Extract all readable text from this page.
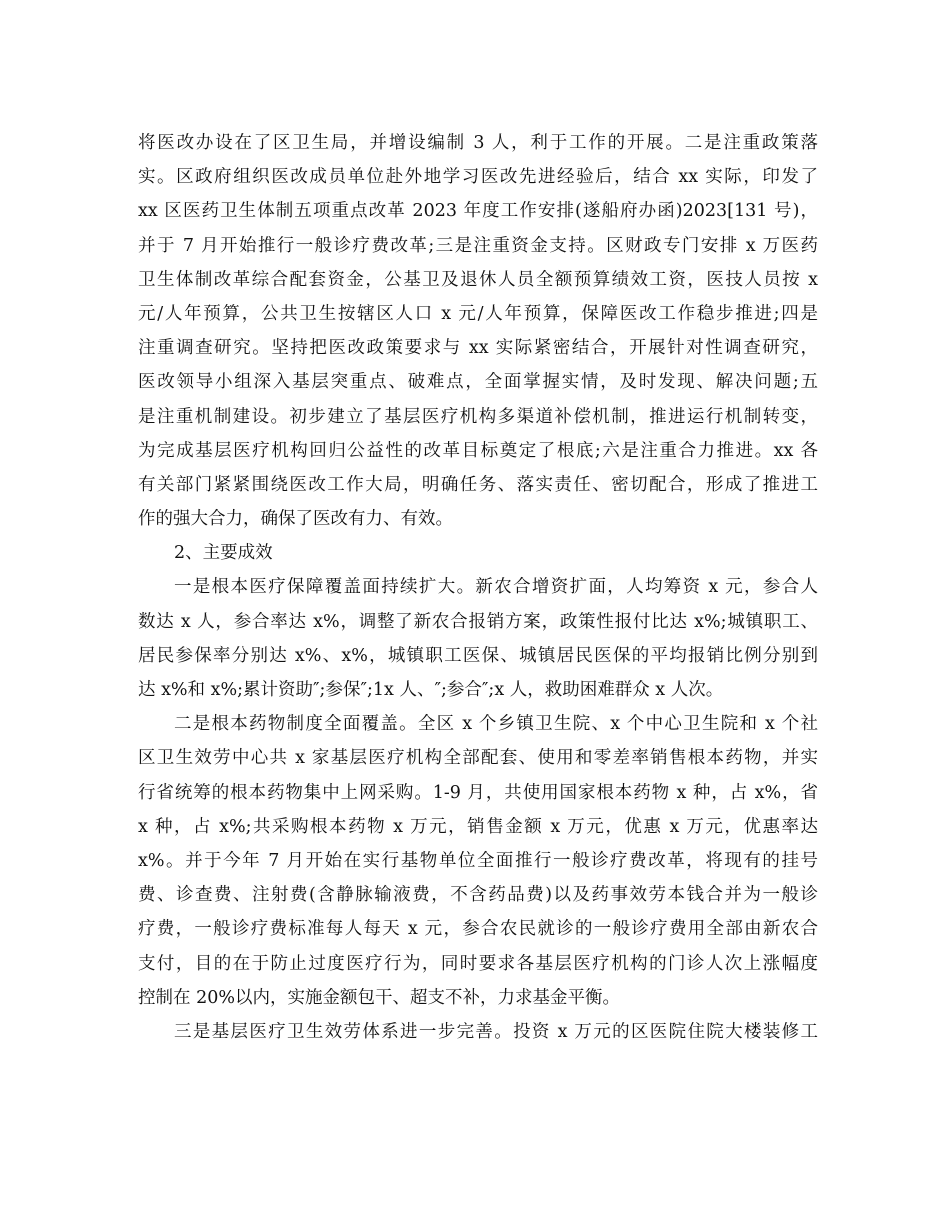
将医改办设在了区卫生局，并增设编制 3 人，利于工作的开展。二是注重政策落
实。区政府组织医改成员单位赴外地学习医改先进经验后，结合 xx 实际，印发了
xx 区医药卫生体制五项重点改革 2023 年度工作安排(遂船府办函)2023[131 号)，
并于 7 月开始推行一般诊疗费改革;三是注重资金支持。区财政专门安排 x 万医药
卫生体制改革综合配套资金，公基卫及退休人员全额预算绩效工资，医技人员按 x
元/人年预算，公共卫生按辖区人口 x 元/人年预算，保障医改工作稳步推进;四是
注重调查研究。坚持把医改政策要求与 xx 实际紧密结合，开展针对性调查研究，
医改领导小组深入基层突重点、破难点，全面掌握实情，及时发现、解决问题;五
是注重机制建设。初步建立了基层医疗机构多渠道补偿机制，推进运行机制转变，
为完成基层医疗机构回归公益性的改革目标奠定了根底;六是注重合力推进。xx 各
有关部门紧紧围绕医改工作大局，明确任务、落实责任、密切配合，形成了推进工
作的强大合力，确保了医改有力、有效。
2、主要成效
一是根本医疗保障覆盖面持续扩大。新农合增资扩面，人均筹资 x 元，参合人
数达 x 人，参合率达 x%，调整了新农合报销方案，政策性报付比达 x%;城镇职工、
居民参保率分别达 x%、x%，城镇职工医保、城镇居民医保的平均报销比例分别到
达 x%和 x%;累计资助″;参保″;1x 人、″;参合″;x 人，救助困难群众 x 人次。
二是根本药物制度全面覆盖。全区 x 个乡镇卫生院、x 个中心卫生院和 x 个社
区卫生效劳中心共 x 家基层医疗机构全部配套、使用和零差率销售根本药物，并实
行省统筹的根本药物集中上网采购。1-9 月，共使用国家根本药物 x 种，占 x%，省
x 种，占 x%;共采购根本药物 x 万元，销售金额 x 万元，优惠 x 万元，优惠率达
x%。并于今年 7 月开始在实行基物单位全面推行一般诊疗费改革，将现有的挂号
费、诊查费、注射费(含静脉输液费，不含药品费)以及药事效劳本钱合并为一般诊
疗费，一般诊疗费标准每人每天 x 元，参合农民就诊的一般诊疗费用全部由新农合
支付，目的在于防止过度医疗行为，同时要求各基层医疗机构的门诊人次上涨幅度
控制在 20%以内，实施金额包干、超支不补，力求基金平衡。
三是基层医疗卫生效劳体系进一步完善。投资 x 万元的区医院住院大楼装修工
